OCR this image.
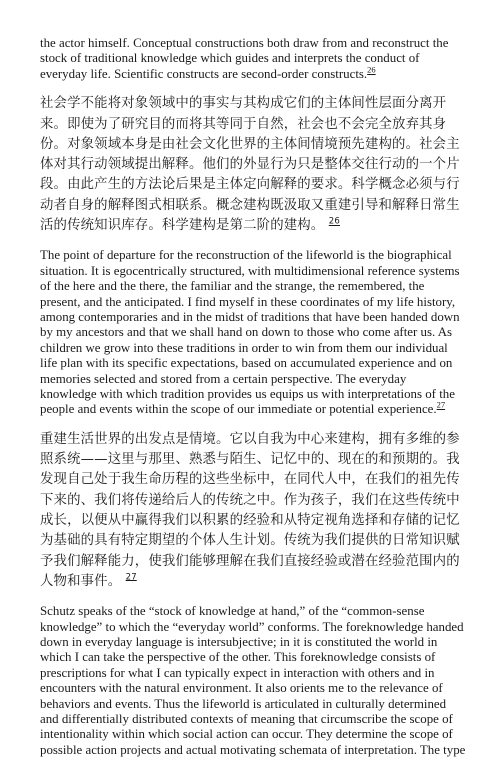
the actor himself. Conceptual constructions both draw from and reconstruct the stock of traditional knowledge which guides and interprets the conduct of everyday life. Scientific constructs are second-order constructs.$^{26}$

社会学不能将对象领域中的事实与其构成它们的主体间性层面分离开来。即使为了研究目的而将其等同于自然，社会也不会完全放弃其身份。对象领域本身是由社会文化世界的主体间情境预先建构的。社会主体对其行动领域提出解释。他们的外显行为只是整体交往行动的一个片段。由此产生的方法论后果是主体定向解释的要求。科学概念必须与行动者自身的解释图式相联系。概念建构既汲取又重建引导和解释日常生活的传统知识库存。科学建构是第二阶的建构。 $^{26}$

The point of departure for the reconstruction of the lifeworld is the biographical situation. It is egocentrically structured, with multidimensional reference systems of the here and the there, the familiar and the strange, the remembered, the present, and the anticipated. I find myself in these coordinates of my life history, among contemporaries and in the midst of traditions that have been handed down by my ancestors and that we shall hand on down to those who come after us. As children we grow into these traditions in order to win from them our individual life plan with its specific expectations, based on accumulated experience and on memories selected and stored from a certain perspective. The everyday knowledge with which tradition provides us equips us with interpretations of the people and events within the scope of our immediate or potential experience.$^{27}$

重建生活世界的出发点是情境。它以自我为中心来建构，拥有多维的参照系统——这里与那里、熟悉与陌生、记忆中的、现在的和预期的。我发现自己处于我生命历程的这些坐标中，在同代人中，在我们的祖先传下来的、我们将传递给后人的传统之中。作为孩子，我们在这些传统中成长，以便从中赢得我们以积累的经验和从特定视角选择和存储的记忆为基础的具有特定期望的个体人生计划。传统为我们提供的日常知识赋予我们解释能力，使我们能够理解在我们直接经验或潜在经验范围内的人物和事件。 $^{27}$

Schutz speaks of the “stock of knowledge at hand,” of the “common-sense knowledge” to which the “everyday world” conforms. The foreknowledge handed down in everyday language is intersubjective; in it is constituted the world in which I can take the perspective of the other. This foreknowledge consists of prescriptions for what I can typically expect in interaction with others and in encounters with the natural environment. It also orients me to the relevance of behaviors and events. Thus the lifeworld is articulated in culturally determined and differentially distributed contexts of meaning that circumscribe the scope of intentionality within which social action can occur. They determine the scope of possible action projects and actual motivating schemata of interpretation. The type
